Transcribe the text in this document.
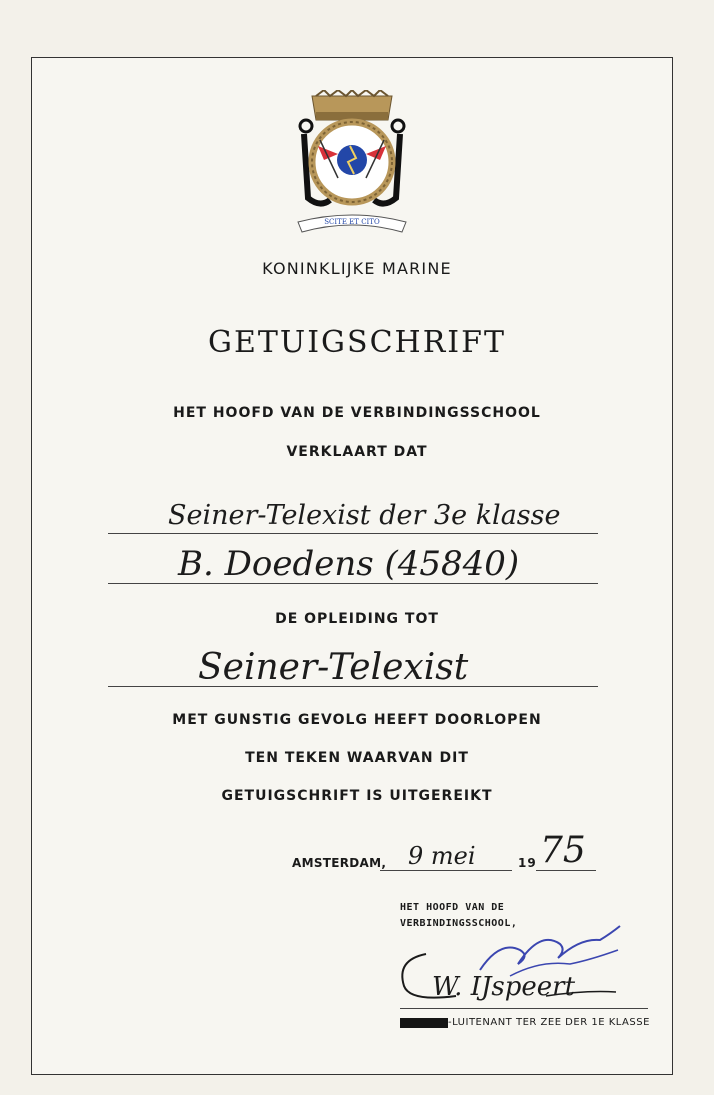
SCITE ET CITO
KONINKLIJKE MARINE
GETUIGSCHRIFT
HET HOOFD VAN DE VERBINDINGSSCHOOL
VERKLAART DAT
Seiner-Telexist der 3e klasse
B. Doedens (45840)
DE OPLEIDING TOT
Seiner-Telexist
MET GUNSTIG GEVOLG HEEFT DOORLOPEN
TEN TEKEN WAARVAN DIT
GETUIGSCHRIFT IS UITGEREIKT
AMSTERDAM, 9 mei	19 75
HET HOOFD VAN DE
VERBINDINGSSCHOOL,
W. IJspeert
-LUITENANT TER ZEE DER 1E KLASSE
